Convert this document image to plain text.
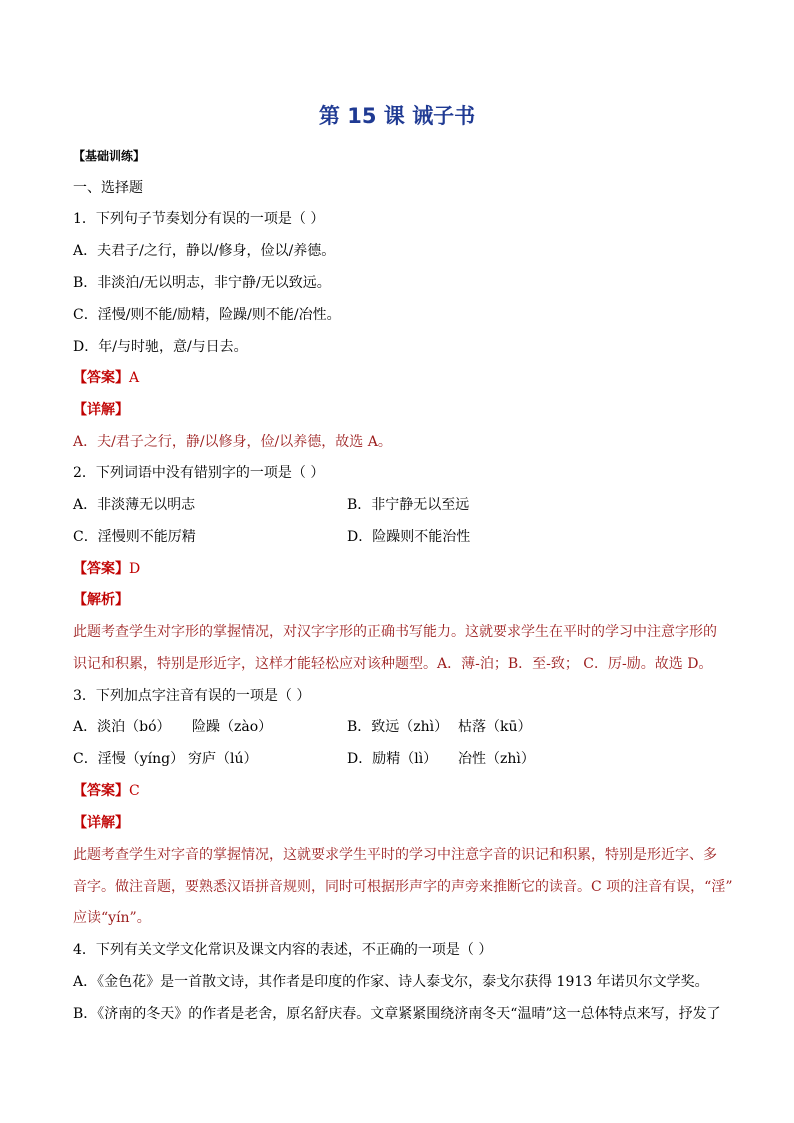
第 15 课 诫子书
【基础训练】
一、选择题
1．下列句子节奏划分有误的一项是（ ）
A．夫君子/之行，静以/修身，俭以/养德。
B．非淡泊/无以明志，非宁静/无以致远。
C．淫慢/则不能/励精，险躁/则不能/冶性。
D．年/与时驰，意/与日去。
【答案】A
【详解】
A．夫/君子之行，静/以修身，俭/以养德，故选 A。
2．下列词语中没有错别字的一项是（ ）
A．非淡薄无以明志	B．非宁静无以至远
C．淫慢则不能厉精	D．险躁则不能治性
【答案】D
【解析】
此题考查学生对字形的掌握情况，对汉字字形的正确书写能力。这就要求学生在平时的学习中注意字形的
识记和积累，特别是形近字，这样才能轻松应对该种题型。A．薄-泊；B．至-致； C．厉-励。故选 D。
3．下列加点字注音有误的一项是（ ）
A．淡泊（bó） 险躁（zào）	B．致远（zhì） 枯落（kū）
C．淫慢（yíng） 穷庐（lú）	D．励精（lì） 冶性（zhì）
【答案】C
【详解】
此题考查学生对字音的掌握情况，这就要求学生平时的学习中注意字音的识记和积累，特别是形近字、多
音字。做注音题，要熟悉汉语拼音规则，同时可根据形声字的声旁来推断它的读音。C 项的注音有误，“淫”
应读“yín”。
4．下列有关文学文化常识及课文内容的表述，不正确的一项是（ ）
A．《金色花》是一首散文诗，其作者是印度的作家、诗人泰戈尔，泰戈尔获得 1913 年诺贝尔文学奖。
B．《济南的冬天》的作者是老舍，原名舒庆春。文章紧紧围绕济南冬天“温晴”这一总体特点来写，抒发了
